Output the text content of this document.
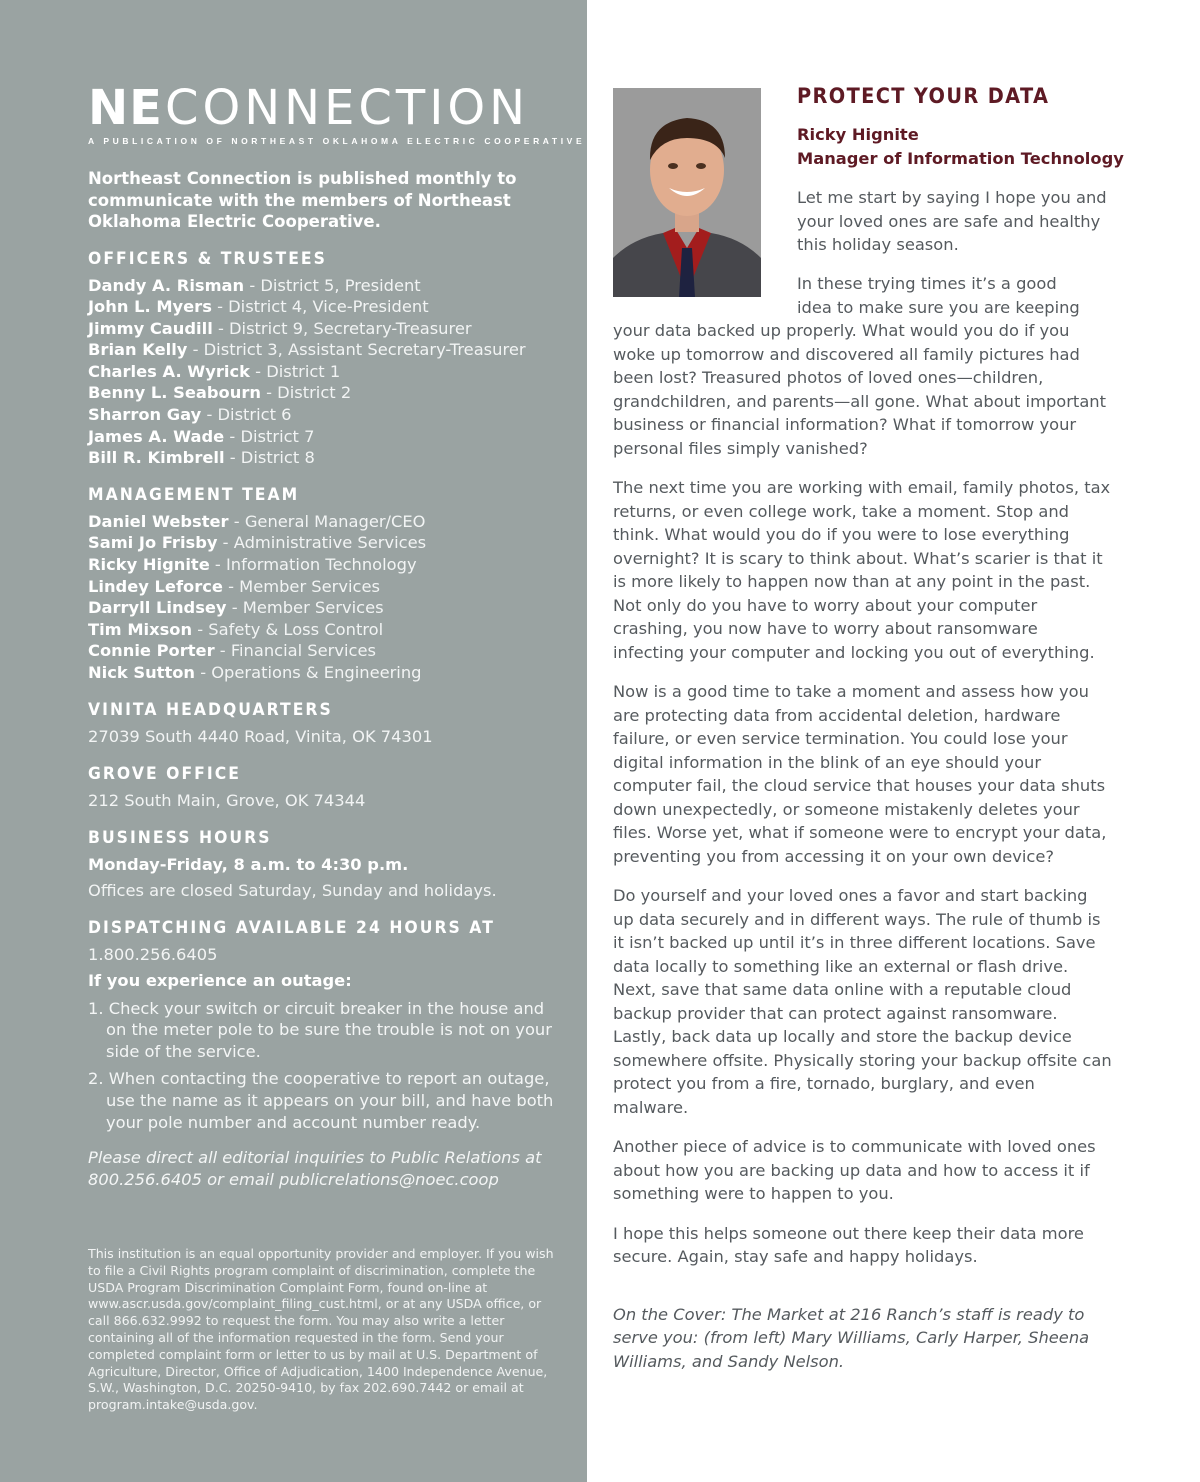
NE CONNECTION
A PUBLICATION OF NORTHEAST OKLAHOMA ELECTRIC COOPERATIVE
Northeast Connection is published monthly to communicate with the members of Northeast Oklahoma Electric Cooperative.
OFFICERS & TRUSTEES
Dandy A. Risman - District 5, President
John L. Myers - District 4, Vice-President
Jimmy Caudill - District 9, Secretary-Treasurer
Brian Kelly - District 3, Assistant Secretary-Treasurer
Charles A. Wyrick - District 1
Benny L. Seabourn - District 2
Sharron Gay - District 6
James A. Wade - District 7
Bill R. Kimbrell - District 8
MANAGEMENT TEAM
Daniel Webster - General Manager/CEO
Sami Jo Frisby - Administrative Services
Ricky Hignite - Information Technology
Lindey Leforce - Member Services
Darryll Lindsey - Member Services
Tim Mixson - Safety & Loss Control
Connie Porter - Financial Services
Nick Sutton - Operations & Engineering
VINITA HEADQUARTERS
27039 South 4440 Road, Vinita, OK 74301
GROVE OFFICE
212 South Main, Grove, OK 74344
BUSINESS HOURS
Monday-Friday, 8 a.m. to 4:30 p.m.
Offices are closed Saturday, Sunday and holidays.
DISPATCHING AVAILABLE 24 HOURS AT
1.800.256.6405
If you experience an outage:
1. Check your switch or circuit breaker in the house and on the meter pole to be sure the trouble is not on your side of the service.
2. When contacting the cooperative to report an outage, use the name as it appears on your bill, and have both your pole number and account number ready.
Please direct all editorial inquiries to Public Relations at 800.256.6405 or email publicrelations@noec.coop
This institution is an equal opportunity provider and employer. If you wish to file a Civil Rights program complaint of discrimination, complete the USDA Program Discrimination Complaint Form, found on-line at www.ascr.usda.gov/complaint_filing_cust.html, or at any USDA office, or call 866.632.9992 to request the form. You may also write a letter containing all of the information requested in the form. Send your completed complaint form or letter to us by mail at U.S. Department of Agriculture, Director, Office of Adjudication, 1400 Independence Avenue, S.W., Washington, D.C. 20250-9410, by fax 202.690.7442 or email at program.intake@usda.gov.
PROTECT YOUR DATA
Ricky Hignite
Manager of Information Technology

Let me start by saying I hope you and your loved ones are safe and healthy this holiday season.

In these trying times it’s a good
idea to make sure you are keeping

your data backed up properly. What would you do if you woke up tomorrow and discovered all family pictures had been lost? Treasured photos of loved ones—children, grandchildren, and parents—all gone. What about important business or financial information? What if tomorrow your personal files simply vanished?

The next time you are working with email, family photos, tax returns, or even college work, take a moment. Stop and think. What would you do if you were to lose everything overnight? It is scary to think about. What’s scarier is that it is more likely to happen now than at any point in the past. Not only do you have to worry about your computer crashing, you now have to worry about ransomware infecting your computer and locking you out of everything.

Now is a good time to take a moment and assess how you are protecting data from accidental deletion, hardware failure, or even service termination. You could lose your digital information in the blink of an eye should your computer fail, the cloud service that houses your data shuts down unexpectedly, or someone mistakenly deletes your files. Worse yet, what if someone were to encrypt your data, preventing you from accessing it on your own device?

Do yourself and your loved ones a favor and start backing up data securely and in different ways. The rule of thumb is it isn’t backed up until it’s in three different locations. Save data locally to something like an external or flash drive. Next, save that same data online with a reputable cloud backup provider that can protect against ransomware. Lastly, back data up locally and store the backup device somewhere offsite. Physically storing your backup offsite can protect you from a fire, tornado, burglary, and even malware.

Another piece of advice is to communicate with loved ones about how you are backing up data and how to access it if something were to happen to you.

I hope this helps someone out there keep their data more secure. Again, stay safe and happy holidays.

On the Cover: The Market at 216 Ranch’s staff is ready to serve you: (from left) Mary Williams, Carly Harper, Sheena Williams, and Sandy Nelson.
